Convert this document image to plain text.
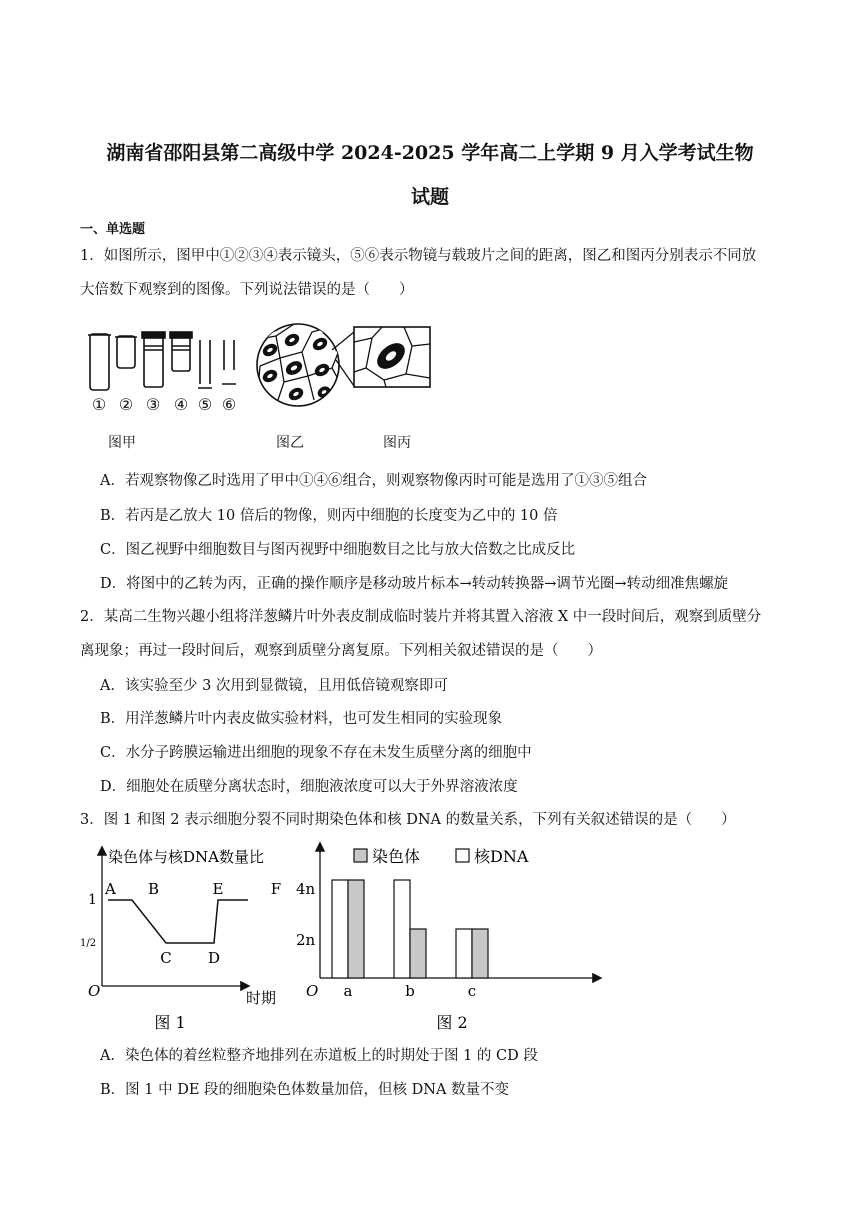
湖南省邵阳县第二高级中学 2024-2025 学年高二上学期 9 月入学考试生物
试题
一、单选题
1．如图所示，图甲中①②③④表示镜头，⑤⑥表示物镜与载玻片之间的距离，图乙和图丙分别表示不同放
大倍数下观察到的图像。下列说法错误的是（　　）
① ② ③ ④ ⑤ ⑥
图甲	图乙	图丙
A．若观察物像乙时选用了甲中①④⑥组合，则观察物像丙时可能是选用了①③⑤组合
B．若丙是乙放大 10 倍后的物像，则丙中细胞的长度变为乙中的 10 倍
C．图乙视野中细胞数目与图丙视野中细胞数目之比与放大倍数之比成反比
D．将图中的乙转为丙，正确的操作顺序是移动玻片标本→转动转换器→调节光圈→转动细准焦螺旋
2．某高二生物兴趣小组将洋葱鳞片叶外表皮制成临时装片并将其置入溶液 X 中一段时间后，观察到质壁分
离现象；再过一段时间后，观察到质壁分离复原。下列相关叙述错误的是（　　）
A．该实验至少 3 次用到显微镜，且用低倍镜观察即可
B．用洋葱鳞片叶内表皮做实验材料，也可发生相同的实验现象
C．水分子跨膜运输进出细胞的现象不存在未发生质壁分离的细胞中
D．细胞处在质壁分离状态时，细胞液浓度可以大于外界溶液浓度
3．图 1 和图 2 表示细胞分裂不同时期染色体和核 DNA 的数量关系，下列有关叙述错误的是（　　）
染色体与核DNA数量比
时期
O
1
1/2
A B
C D
E	F
图 1
O
4n
2n
染色体	核DNA
a	b	c
图 2
A．染色体的着丝粒整齐地排列在赤道板上的时期处于图 1 的 CD 段
B．图 1 中 DE 段的细胞染色体数量加倍，但核 DNA 数量不变
